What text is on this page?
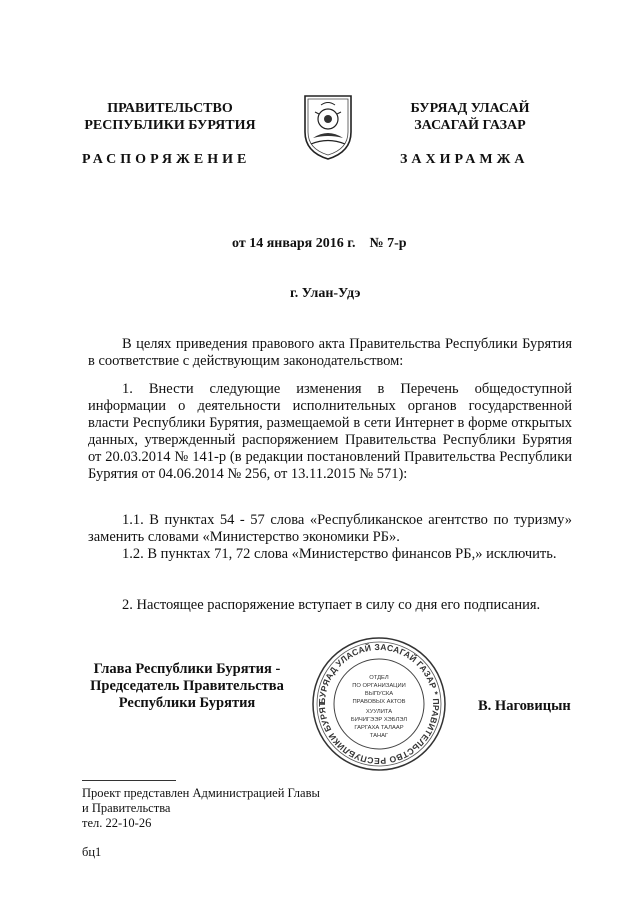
ПРАВИТЕЛЬСТВО
РЕСПУБЛИКИ БУРЯТИЯ
РАСПОРЯЖЕНИЕ
БУРЯАД УЛАСАЙ
ЗАСАГАЙ ГАЗАР
ЗАХИРАМЖА
от 14 января 2016 г.    № 7-р
г. Улан-Удэ
В целях приведения правового акта Правительства Республики Бурятия в соответствие с действующим законодательством:
1. Внести следующие изменения в Перечень общедоступной информации о деятельности исполнительных органов государственной власти Республики Бурятия, размещаемой в сети Интернет в форме открытых данных, утвержденный распоряжением Правительства Республики Бурятия от 20.03.2014 № 141-р (в редакции постановлений Правительства Республики Бурятия от 04.06.2014 № 256, от 13.11.2015 № 571):
1.1. В пунктах 54 - 57 слова «Республиканское агентство по туризму» заменить словами «Министерство экономики РБ».
1.2. В пунктах 71, 72 слова «Министерство финансов РБ,» исключить.
2. Настоящее распоряжение вступает в силу со дня его подписания.
Глава Республики Бурятия -
Председатель Правительства
Республики Бурятия	БУРЯАД УЛАСАЙ ЗАСАГАЙ ГАЗАР * ПРАВИТЕЛЬСТВО РЕСПУБЛИКИ БУРЯТ
ОТДЕЛ
ПО ОРГАНИЗАЦИИ
ВЫПУСКА
ПРАВОВЫХ АКТОВ
ХУУЛИТА
БИЧИГЭЭР ХЭБЛЭЛ
ГАРГАХА ТАЛААР
ТАНАГ
В. Наговицын
Проект представлен Администрацией Главы
и Правительства
тел. 22-10-26
бц1
